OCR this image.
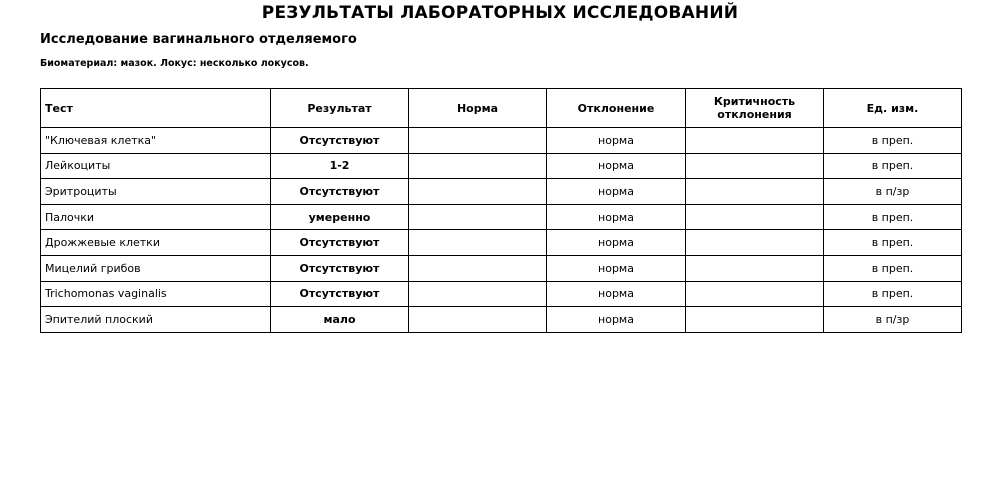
РЕЗУЛЬТАТЫ ЛАБОРАТОРНЫХ ИССЛЕДОВАНИЙ
Исследование вагинального отделяемого
Биоматериал: мазок. Локус: несколько локусов.
Тест	Результат	Норма	Отклонение	Критичность отклонения	Ед. изм.
"Ключевая клетка"	Отсутствуют		норма		в преп.
Лейкоциты	1-2		норма		в преп.
Эритроциты	Отсутствуют		норма		в п/зр
Палочки	умеренно		норма		в преп.
Дрожжевые клетки	Отсутствуют		норма		в преп.
Мицелий грибов	Отсутствуют		норма		в преп.
Trichomonas vaginalis	Отсутствуют		норма		в преп.
Эпителий плоский	мало		норма		в п/зр
